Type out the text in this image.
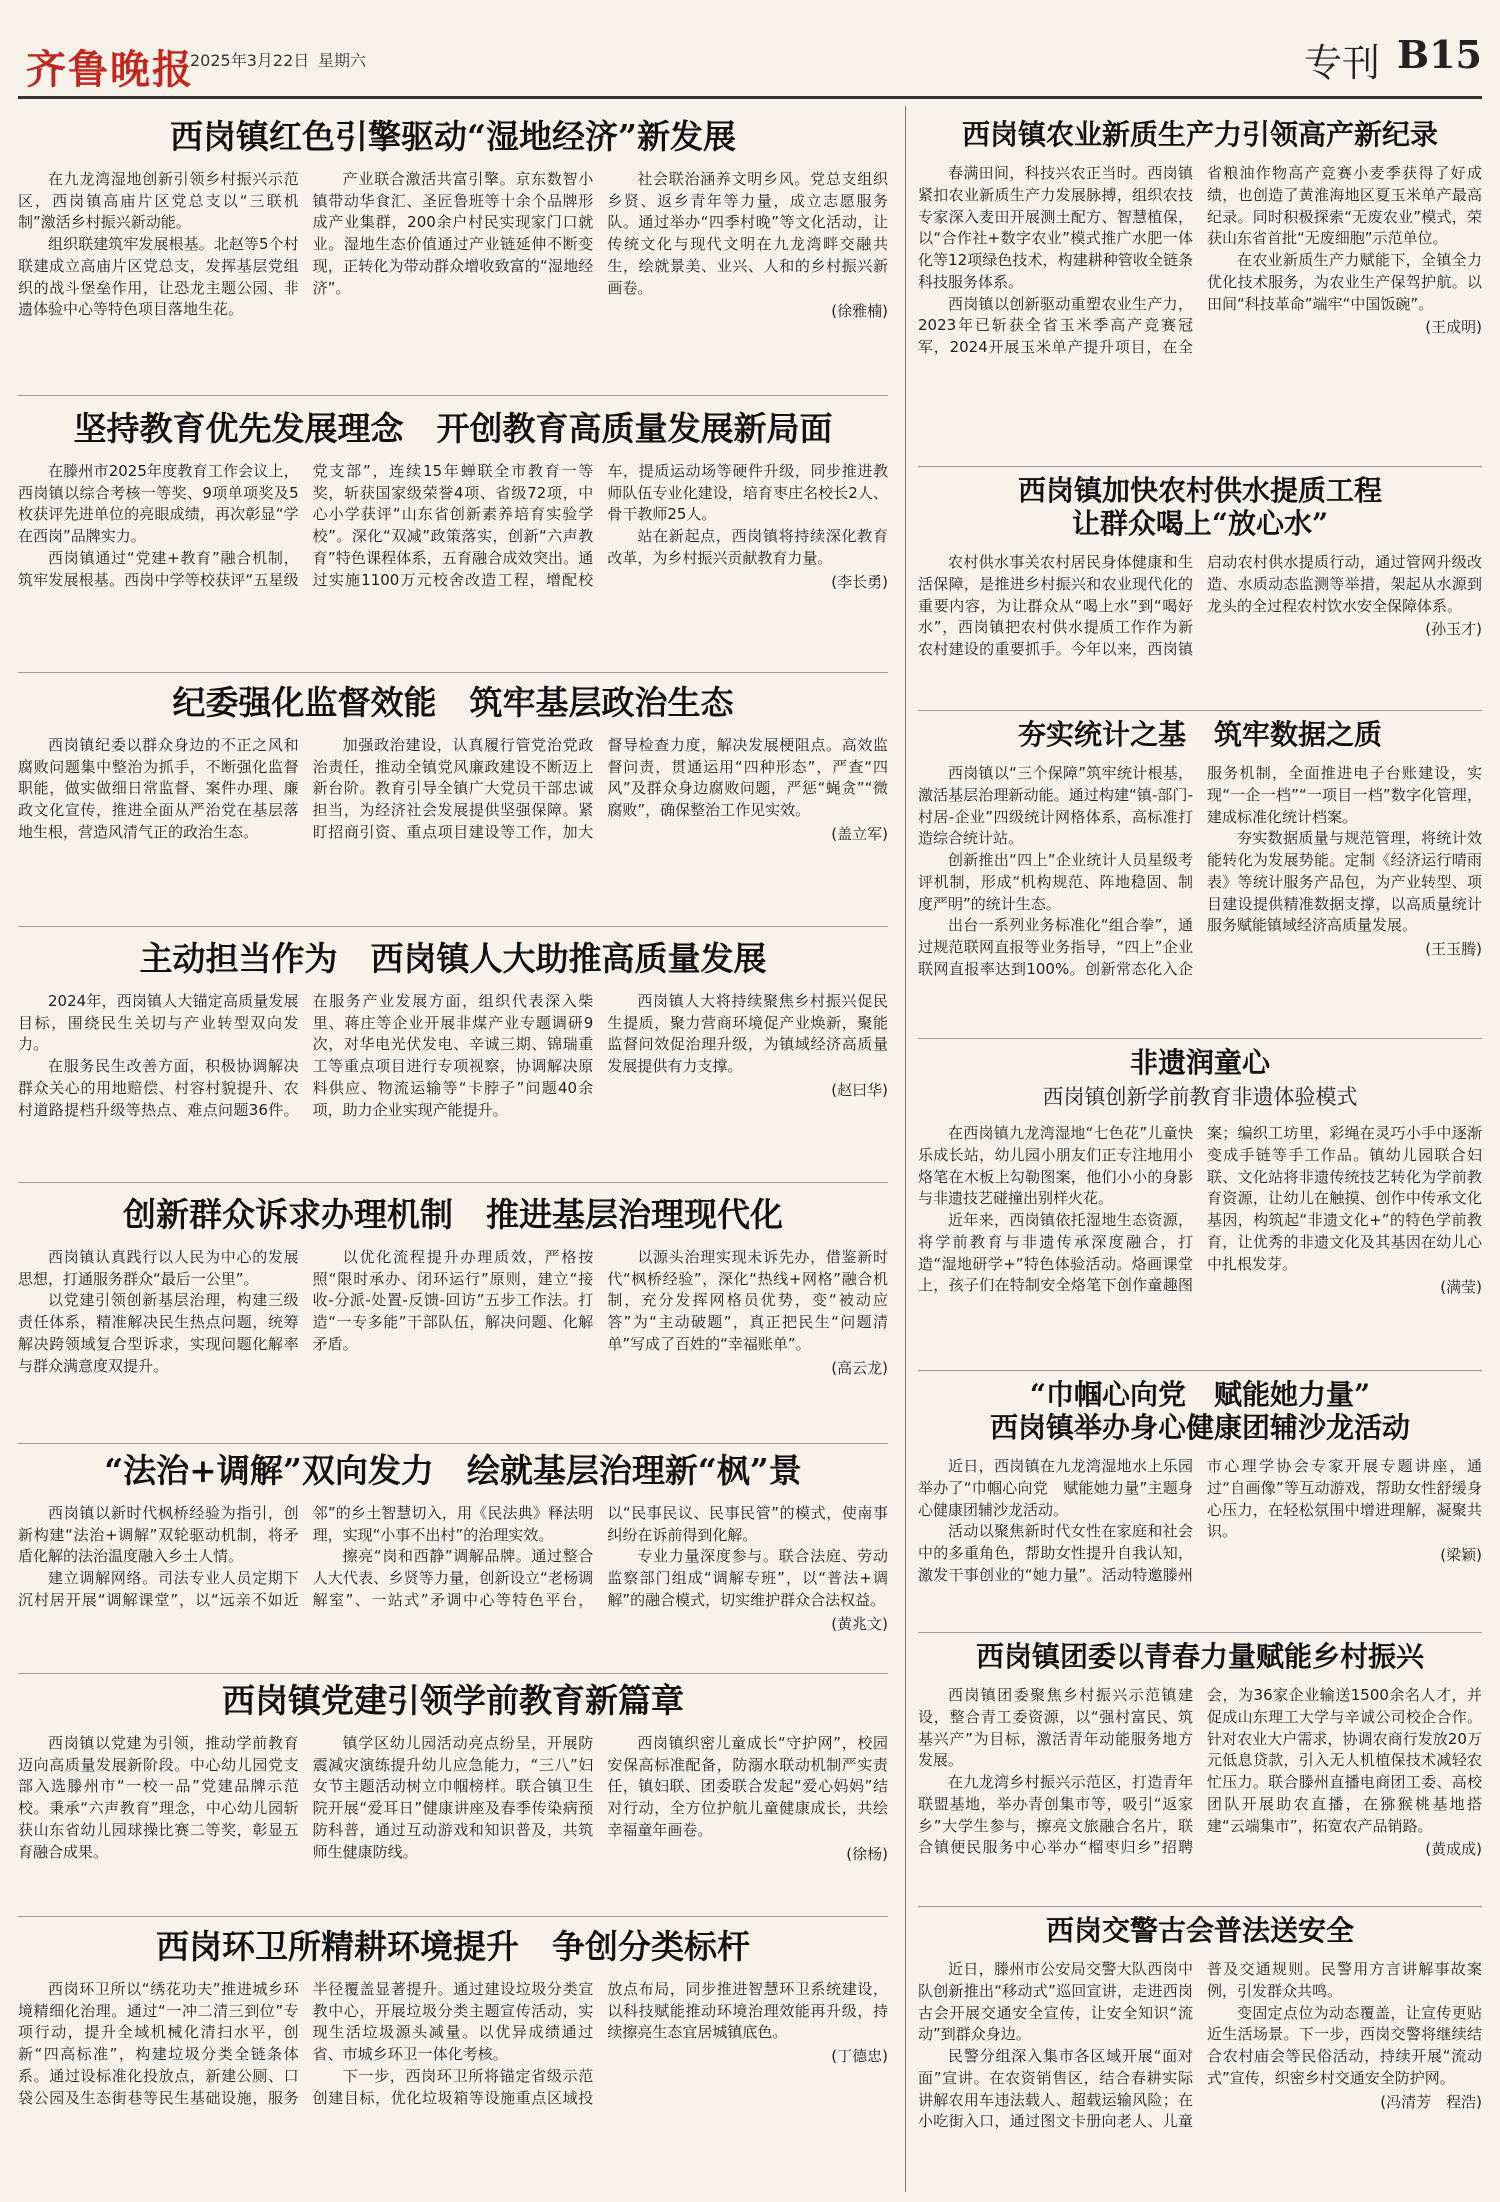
齐鲁晚报
2025年3月22日 星期六	专刊 B15
西岗镇红色引擎驱动“湿地经济”新发展

在九龙湾湿地创新引领乡村振兴示范区，西岗镇高庙片区党总支以“三联机制”激活乡村振兴新动能。

组织联建筑牢发展根基。北赵等5个村联建成立高庙片区党总支，发挥基层党组织的战斗堡垒作用，让恐龙主题公园、非遗体验中心等特色项目落地生花。

产业联合激活共富引擎。京东数智小镇带动华食汇、圣匠鲁班等十余个品牌形成产业集群，200余户村民实现家门口就业。湿地生态价值通过产业链延伸不断变现，正转化为带动群众增收致富的“湿地经济”。

社会联治涵养文明乡风。党总支组织乡贤、返乡青年等力量，成立志愿服务队。通过举办“四季村晚”等文化活动，让传统文化与现代文明在九龙湾畔交融共生，绘就景美、业兴、人和的乡村振兴新画卷。

(徐雅楠)
坚持教育优先发展理念　开创教育高质量发展新局面

在滕州市2025年度教育工作会议上，西岗镇以综合考核一等奖、9项单项奖及5枚获评先进单位的亮眼成绩，再次彰显“学在西岗”品牌实力。

西岗镇通过“党建+教育”融合机制，筑牢发展根基。西岗中学等校获评“五星级党支部”，连续15年蝉联全市教育一等奖，斩获国家级荣誉4项、省级72项，中心小学获评“山东省创新素养培育实验学校”。深化“双减”政策落实，创新“六声教育”特色课程体系，五育融合成效突出。通过实施1100万元校舍改造工程，增配校车，提质运动场等硬件升级，同步推进教师队伍专业化建设，培育枣庄名校长2人、骨干教师25人。

站在新起点，西岗镇将持续深化教育改革，为乡村振兴贡献教育力量。

(李长勇)
纪委强化监督效能　筑牢基层政治生态

西岗镇纪委以群众身边的不正之风和腐败问题集中整治为抓手，不断强化监督职能，做实做细日常监督、案件办理、廉政文化宣传，推进全面从严治党在基层落地生根，营造风清气正的政治生态。

加强政治建设，认真履行管党治党政治责任，推动全镇党风廉政建设不断迈上新台阶。教育引导全镇广大党员干部忠诚担当，为经济社会发展提供坚强保障。紧盯招商引资、重点项目建设等工作，加大督导检查力度，解决发展梗阻点。高效监督问责，贯通运用“四种形态”，严查“四风”及群众身边腐败问题，严惩“蝇贪”“微腐败”，确保整治工作见实效。

(盖立军)
主动担当作为　西岗镇人大助推高质量发展

2024年，西岗镇人大锚定高质量发展目标，围绕民生关切与产业转型双向发力。

在服务民生改善方面，积极协调解决群众关心的用地赔偿、村容村貌提升、农村道路提档升级等热点、难点问题36件。在服务产业发展方面，组织代表深入柴里、蒋庄等企业开展非煤产业专题调研9次，对华电光伏发电、辛诚三期、锦瑞重工等重点项目进行专项视察，协调解决原料供应、物流运输等“卡脖子”问题40余项，助力企业实现产能提升。

西岗镇人大将持续聚焦乡村振兴促民生提质，聚力营商环境促产业焕新，聚能监督问效促治理升级，为镇域经济高质量发展提供有力支撑。

(赵曰华)
创新群众诉求办理机制　推进基层治理现代化

西岗镇认真践行以人民为中心的发展思想，打通服务群众“最后一公里”。

以党建引领创新基层治理，构建三级责任体系，精准解决民生热点问题，统筹解决跨领域复合型诉求，实现问题化解率与群众满意度双提升。

以优化流程提升办理质效，严格按照“限时承办、闭环运行”原则，建立“接收-分派-处置-反馈-回访”五步工作法。打造“一专多能”干部队伍，解决问题、化解矛盾。

以源头治理实现未诉先办，借鉴新时代“枫桥经验”，深化“热线+网格”融合机制，充分发挥网格员优势，变“被动应答”为“主动破题”，真正把民生“问题清单”写成了百姓的“幸福账单”。

(高云龙)
“法治+调解”双向发力　绘就基层治理新“枫”景

西岗镇以新时代枫桥经验为指引，创新构建“法治+调解”双轮驱动机制，将矛盾化解的法治温度融入乡土人情。

建立调解网络。司法专业人员定期下沉村居开展“调解课堂”，以“远亲不如近邻”的乡土智慧切入，用《民法典》释法明理，实现“小事不出村”的治理实效。

擦亮“岗和西静”调解品牌。通过整合人大代表、乡贤等力量，创新设立“老杨调解室”、一站式”矛调中心等特色平台，以“民事民议、民事民管”的模式，使南事纠纷在诉前得到化解。

专业力量深度参与。联合法庭、劳动监察部门组成“调解专班”，以“普法+调解”的融合模式，切实维护群众合法权益。

(黄兆文)
西岗镇党建引领学前教育新篇章

西岗镇以党建为引领，推动学前教育迈向高质量发展新阶段。中心幼儿园党支部入选滕州市“一校一品”党建品牌示范校。秉承“六声教育”理念，中心幼儿园斩获山东省幼儿园球操比赛二等奖，彰显五育融合成果。

镇学区幼儿园活动亮点纷呈，开展防震减灾演练提升幼儿应急能力，“三八”妇女节主题活动树立巾帼榜样。联合镇卫生院开展“爱耳日”健康讲座及春季传染病预防科普，通过互动游戏和知识普及，共筑师生健康防线。

西岗镇织密儿童成长“守护网”，校园安保高标准配备，防溺水联动机制严实责任，镇妇联、团委联合发起“爱心妈妈”结对行动，全方位护航儿童健康成长，共绘幸福童年画卷。

(徐杨)
西岗环卫所精耕环境提升　争创分类标杆

西岗环卫所以“绣花功夫”推进城乡环境精细化治理。通过“一冲二清三到位”专项行动，提升全域机械化清扫水平，创新“四高标准”，构建垃圾分类全链条体系。通过设标准化投放点，新建公厕、口袋公园及生态街巷等民生基础设施，服务半径覆盖显著提升。通过建设垃圾分类宣教中心，开展垃圾分类主题宣传活动，实现生活垃圾源头减量。以优异成绩通过省、市城乡环卫一体化考核。

下一步，西岗环卫所将锚定省级示范创建目标，优化垃圾箱等设施重点区域投放点布局，同步推进智慧环卫系统建设，以科技赋能推动环境治理效能再升级，持续擦亮生态宜居城镇底色。

(丁德忠)
西岗镇农业新质生产力引领高产新纪录

春满田间，科技兴农正当时。西岗镇紧扣农业新质生产力发展脉搏，组织农技专家深入麦田开展测土配方、智慧植保，以“合作社+数字农业”模式推广水肥一体化等12项绿色技术，构建耕种管收全链条科技服务体系。

西岗镇以创新驱动重塑农业生产力，2023年已斩获全省玉米季高产竞赛冠军，2024开展玉米单产提升项目，在全省粮油作物高产竞赛小麦季获得了好成绩，也创造了黄淮海地区夏玉米单产最高纪录。同时积极探索“无废农业”模式，荣获山东省首批“无废细胞”示范单位。

在农业新质生产力赋能下，全镇全力优化技术服务，为农业生产保驾护航。以田间“科技革命”端牢“中国饭碗”。

(王成明)
西岗镇加快农村供水提质工程
让群众喝上“放心水”

农村供水事关农村居民身体健康和生活保障，是推进乡村振兴和农业现代化的重要内容，为让群众从“喝上水”到“喝好水”，西岗镇把农村供水提质工作作为新农村建设的重要抓手。今年以来，西岗镇启动农村供水提质行动，通过管网升级改造、水质动态监测等举措，架起从水源到龙头的全过程农村饮水安全保障体系。

(孙玉才)
夯实统计之基　筑牢数据之质

西岗镇以“三个保障”筑牢统计根基，激活基层治理新动能。通过构建“镇-部门-村居-企业”四级统计网格体系，高标准打造综合统计站。

创新推出“四上”企业统计人员星级考评机制，形成“机构规范、阵地稳固、制度严明”的统计生态。

出台一系列业务标准化“组合拳”，通过规范联网直报等业务指导，“四上”企业联网直报率达到100%。创新常态化入企服务机制，全面推进电子台账建设，实现“一企一档”“一项目一档”数字化管理，建成标准化统计档案。

夯实数据质量与规范管理，将统计效能转化为发展势能。定制《经济运行晴雨表》等统计服务产品包，为产业转型、项目建设提供精准数据支撑，以高质量统计服务赋能镇域经济高质量发展。

(王玉腾)
非遗润童心
西岗镇创新学前教育非遗体验模式

在西岗镇九龙湾湿地“七色花”儿童快乐成长站，幼儿园小朋友们正专注地用小烙笔在木板上勾勒图案，他们小小的身影与非遗技艺碰撞出别样火花。

近年来，西岗镇依托湿地生态资源，将学前教育与非遗传承深度融合，打造“湿地研学+”特色体验活动。烙画课堂上，孩子们在特制安全烙笔下创作童趣图案；编织工坊里，彩绳在灵巧小手中逐渐变成手链等手工作品。镇幼儿园联合妇联、文化站将非遗传统技艺转化为学前教育资源，让幼儿在触摸、创作中传承文化基因，构筑起“非遗文化+”的特色学前教育，让优秀的非遗文化及其基因在幼儿心中扎根发芽。

(满莹)
“巾帼心向党　赋能她力量”
西岗镇举办身心健康团辅沙龙活动

近日，西岗镇在九龙湾湿地水上乐园举办了“巾帼心向党　赋能她力量”主题身心健康团辅沙龙活动。

活动以聚焦新时代女性在家庭和社会中的多重角色，帮助女性提升自我认知，激发干事创业的“她力量”。活动特邀滕州市心理学协会专家开展专题讲座，通过“自画像”等互动游戏，帮助女性舒缓身心压力，在轻松氛围中增进理解，凝聚共识。

(梁颖)
西岗镇团委以青春力量赋能乡村振兴

西岗镇团委聚焦乡村振兴示范镇建设，整合青工委资源，以“强村富民、筑基兴产”为目标，激活青年动能服务地方发展。

在九龙湾乡村振兴示范区，打造青年联盟基地，举办青创集市等，吸引“返家乡”大学生参与，擦亮文旅融合名片，联合镇便民服务中心举办“榴枣归乡”招聘会，为36家企业输送1500余名人才，并促成山东理工大学与辛诚公司校企合作。针对农业大户需求，协调农商行发放20万元低息贷款，引入无人机植保技术减轻农忙压力。联合滕州直播电商团工委、高校团队开展助农直播，在猕猴桃基地搭建“云端集市”，拓宽农产品销路。

(黄成成)
西岗交警古会普法送安全

近日，滕州市公安局交警大队西岗中队创新推出“移动式”巡回宣讲，走进西岗古会开展交通安全宣传，让安全知识“流动”到群众身边。

民警分组深入集市各区域开展“面对面”宣讲。在农资销售区，结合春耕实际讲解农用车违法载人、超载运输风险；在小吃街入口，通过图文卡册向老人、儿童普及交通规则。民警用方言讲解事故案例，引发群众共鸣。

变固定点位为动态覆盖，让宣传更贴近生活场景。下一步，西岗交警将继续结合农村庙会等民俗活动，持续开展“流动式”宣传，织密乡村交通安全防护网。

(冯清芳　程浩)
